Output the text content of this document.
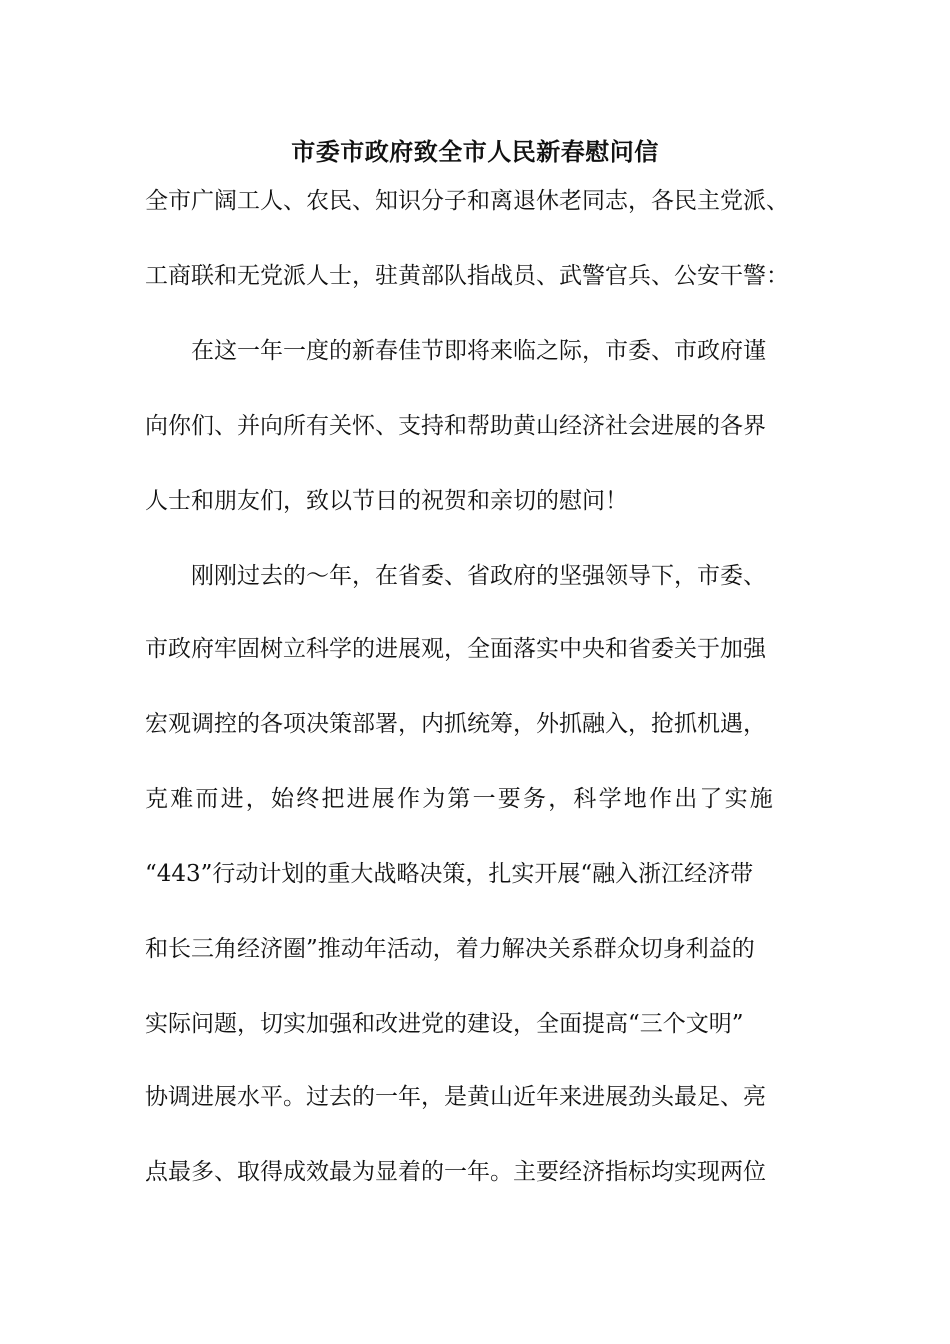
市委市政府致全市人民新春慰问信
全市广阔工人、农民、知识分子和离退休老同志，各民主党派、
工商联和无党派人士，驻黄部队指战员、武警官兵、公安干警：
　　在这一年一度的新春佳节即将来临之际，市委、市政府谨
向你们、并向所有关怀、支持和帮助黄山经济社会进展的各界
人士和朋友们，致以节日的祝贺和亲切的慰问！
　　刚刚过去的～年，在省委、省政府的坚强领导下，市委、
市政府牢固树立科学的进展观，全面落实中央和省委关于加强
宏观调控的各项决策部署，内抓统筹，外抓融入，抢抓机遇，
克难而进，始终把进展作为第一要务，科学地作出了实施
“443”行动计划的重大战略决策，扎实开展“融入浙江经济带
和长三角经济圈”推动年活动，着力解决关系群众切身利益的
实际问题，切实加强和改进党的建设，全面提高“三个文明”
协调进展水平。过去的一年，是黄山近年来进展劲头最足、亮
点最多、取得成效最为显着的一年。主要经济指标均实现两位
